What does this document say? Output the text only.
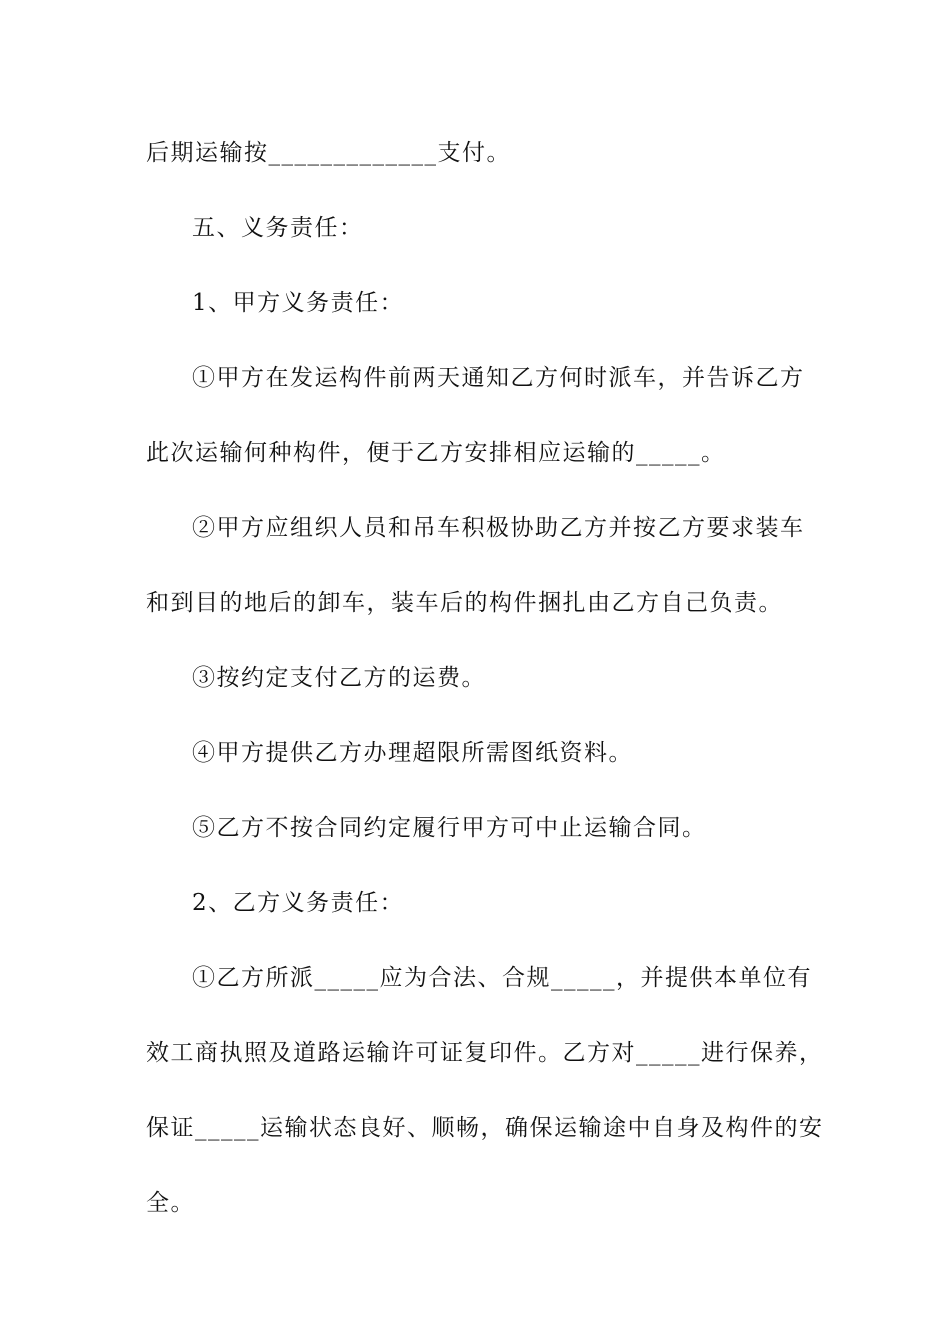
后期运输按_____________支付。
五、义务责任：
1、甲方义务责任：
①甲方在发运构件前两天通知乙方何时派车，并告诉乙方
此次运输何种构件，便于乙方安排相应运输的_____。
②甲方应组织人员和吊车积极协助乙方并按乙方要求装车
和到目的地后的卸车，装车后的构件捆扎由乙方自己负责。
③按约定支付乙方的运费。
④甲方提供乙方办理超限所需图纸资料。
⑤乙方不按合同约定履行甲方可中止运输合同。
2、乙方义务责任：
①乙方所派_____应为合法、合规_____，并提供本单位有
效工商执照及道路运输许可证复印件。乙方对_____进行保养，
保证_____运输状态良好、顺畅，确保运输途中自身及构件的安
全。
